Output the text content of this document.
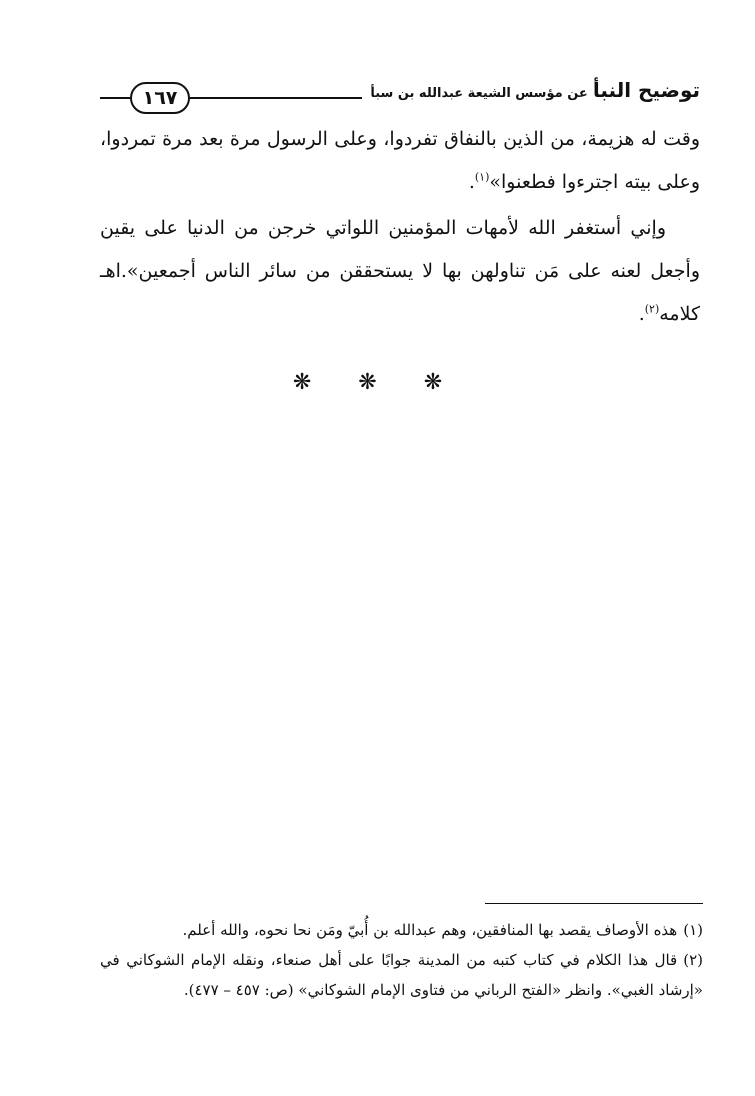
توضيح النبأ عن مؤسس الشيعة عبدالله بن سبأ
١٦٧

وقت له هزيمة، من الذين بالنفاق تفردوا، وعلى الرسول مرة بعد مرة تمردوا، وعلى بيته اجترءوا فطعنوا»$^{(١)}$.

وإني أستغفر الله لأمهات المؤمنين اللواتي خرجن من الدنيا على يقين وأجعل لعنه على مَن تناولهن بها لا يستحققن من سائر الناس أجمعين».اهـ كلامه$^{(٢)}$.

❋ ❋ ❋

(١)هذه الأوصاف يقصد بها المنافقين، وهم عبدالله بن أُبيّ ومَن نحا نحوه، والله أعلم.

(٢)قال هذا الكلام في كتاب كتبه من المدينة جوابًا على أهل صنعاء، ونقله الإمام الشوكاني في «إرشاد الغبي». وانظر «الفتح الرباني من فتاوى الإمام الشوكاني» (ص: ٤٥٧ – ٤٧٧).
